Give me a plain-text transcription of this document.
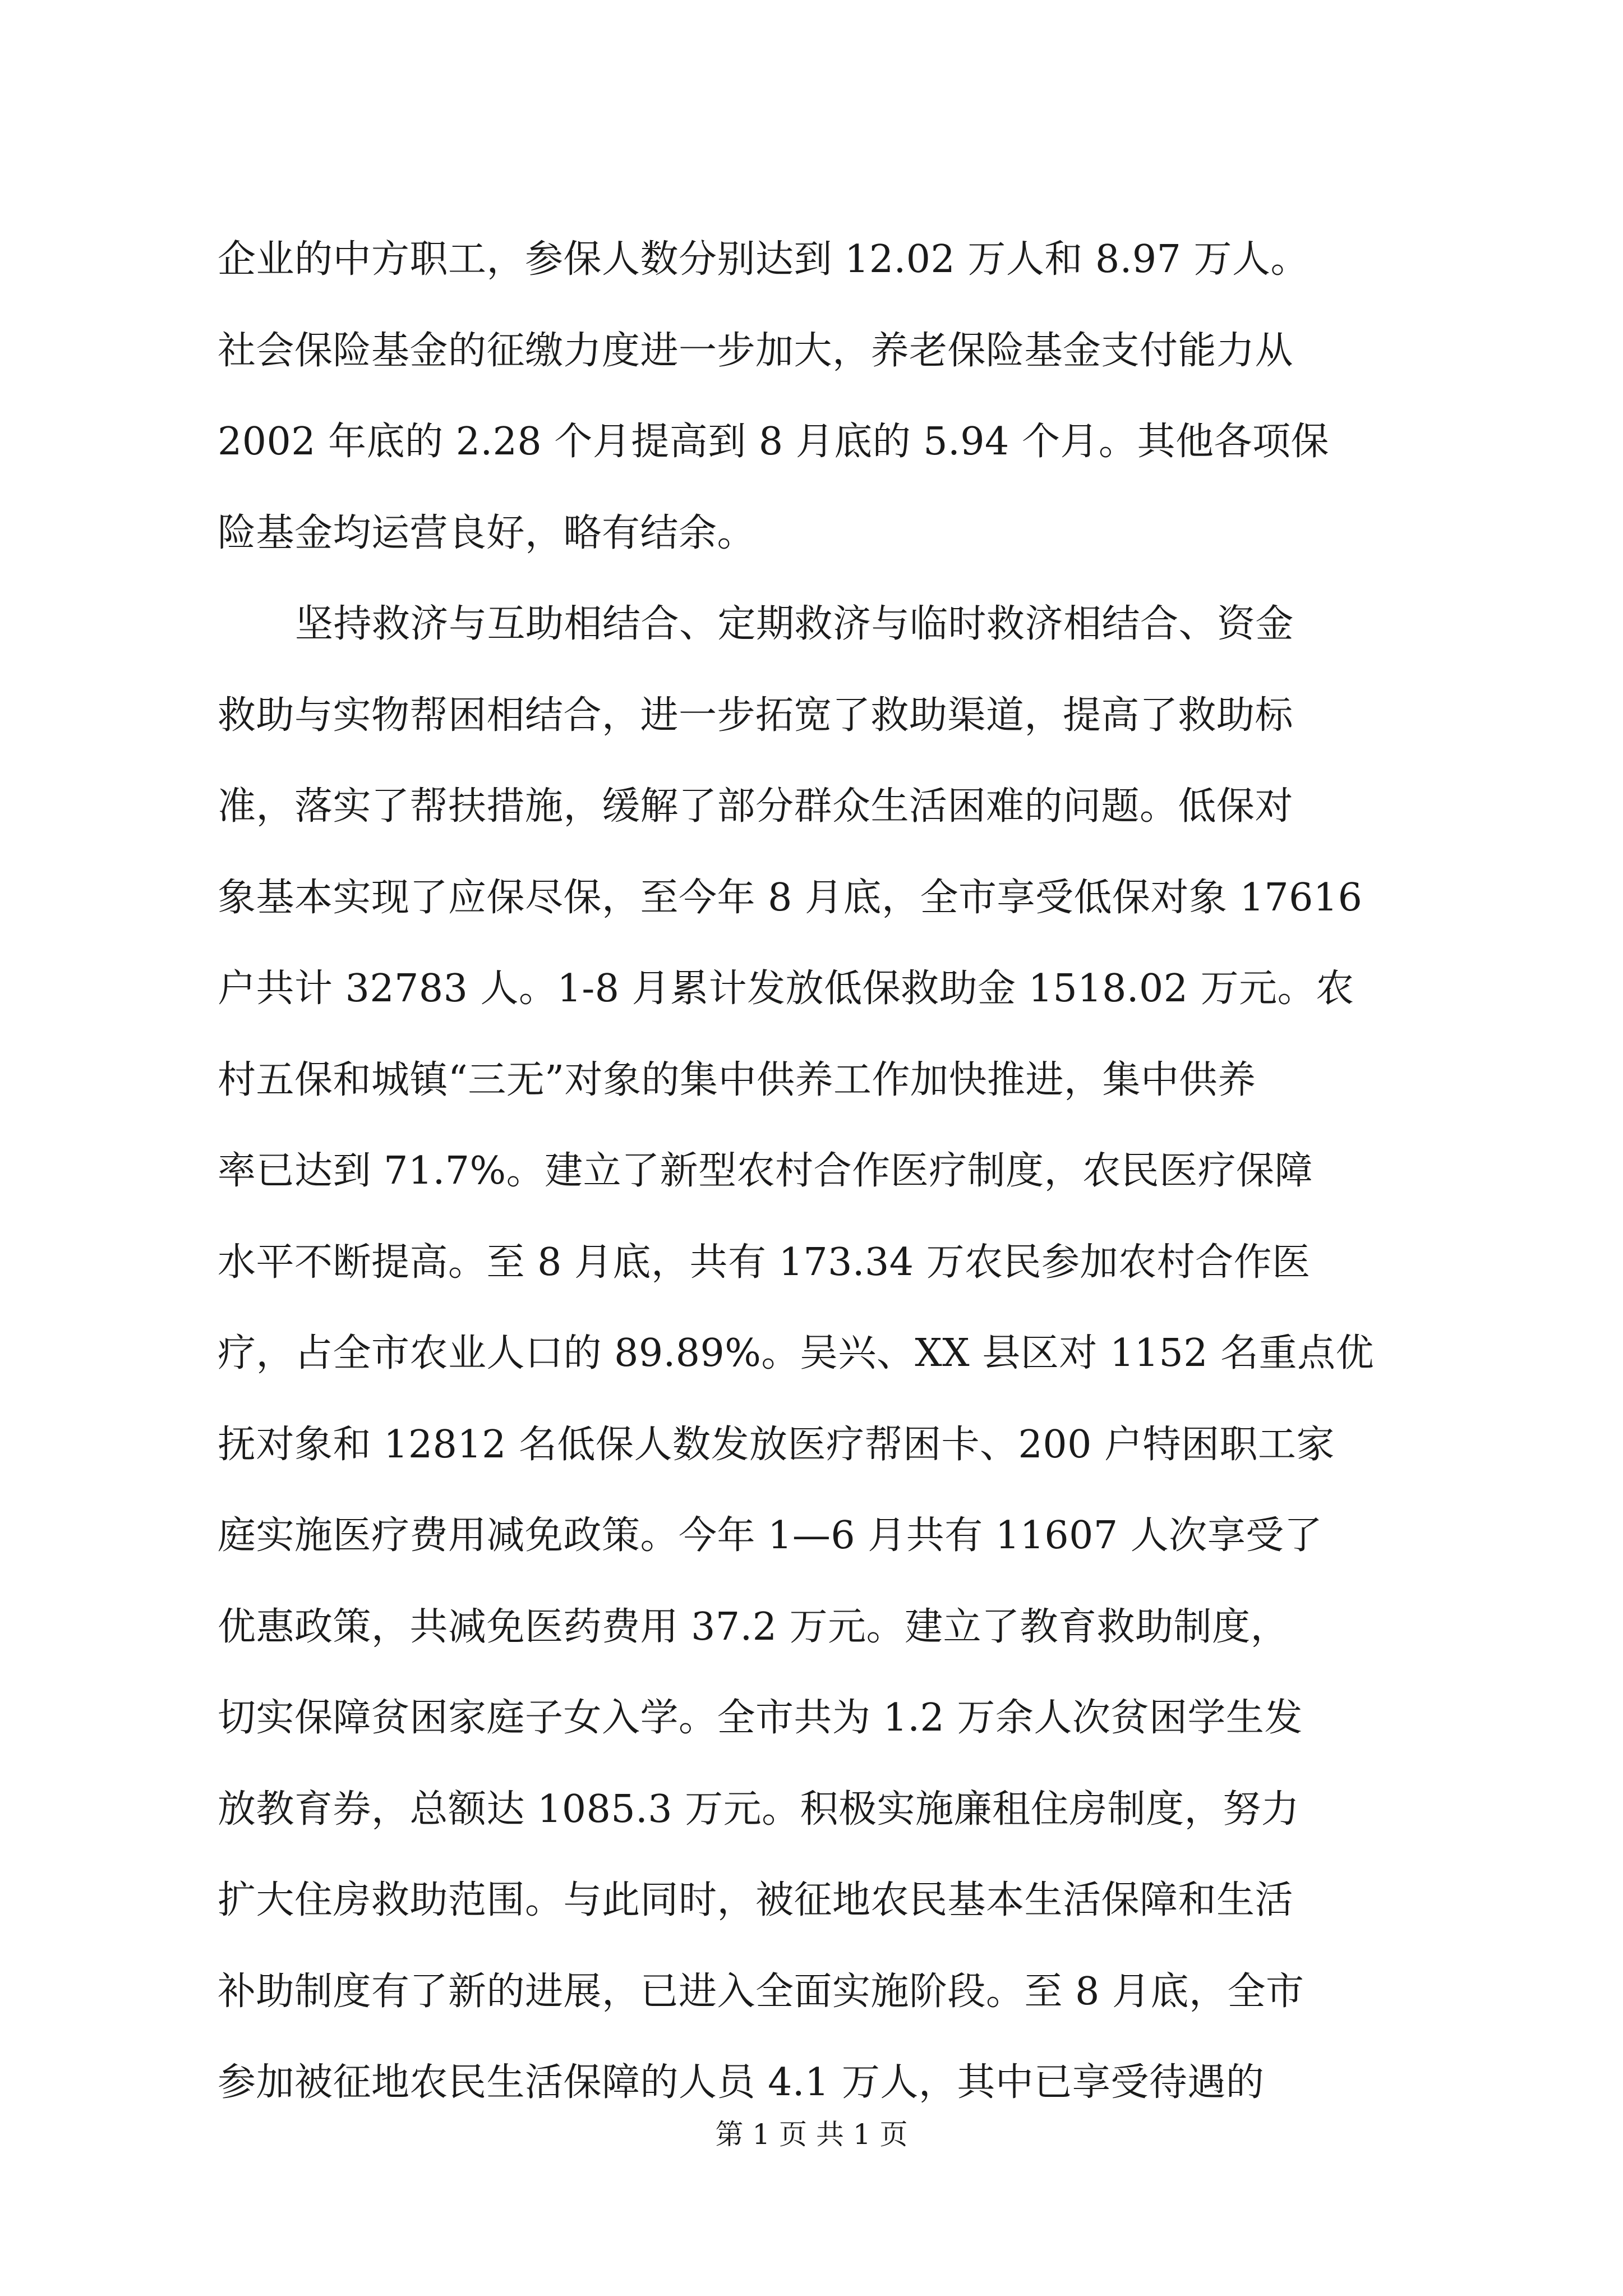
企业的中方职工，参保人数分别达到 12.02 万人和 8.97 万人。
社会保险基金的征缴力度进一步加大，养老保险基金支付能力从
2002 年底的 2.28 个月提高到 8 月底的 5.94 个月。其他各项保
险基金均运营良好，略有结余。
坚持救济与互助相结合、定期救济与临时救济相结合、资金
救助与实物帮困相结合，进一步拓宽了救助渠道，提高了救助标
准，落实了帮扶措施，缓解了部分群众生活困难的问题。低保对
象基本实现了应保尽保，至今年 8 月底，全市享受低保对象 17616
户共计 32783 人。1-8 月累计发放低保救助金 1518.02 万元。农
村五保和城镇“三无”对象的集中供养工作加快推进，集中供养
率已达到 71.7%。建立了新型农村合作医疗制度，农民医疗保障
水平不断提高。至 8 月底，共有 173.34 万农民参加农村合作医
疗，占全市农业人口的 89.89%。吴兴、XX 县区对 1152 名重点优
抚对象和 12812 名低保人数发放医疗帮困卡、200 户特困职工家
庭实施医疗费用减免政策。今年 1—6 月共有 11607 人次享受了
优惠政策，共减免医药费用 37.2 万元。建立了教育救助制度，
切实保障贫困家庭子女入学。全市共为 1.2 万余人次贫困学生发
放教育券，总额达 1085.3 万元。积极实施廉租住房制度，努力
扩大住房救助范围。与此同时，被征地农民基本生活保障和生活
补助制度有了新的进展，已进入全面实施阶段。至 8 月底，全市
参加被征地农民生活保障的人员 4.1 万人，其中已享受待遇的
第 1 页 共 1 页
